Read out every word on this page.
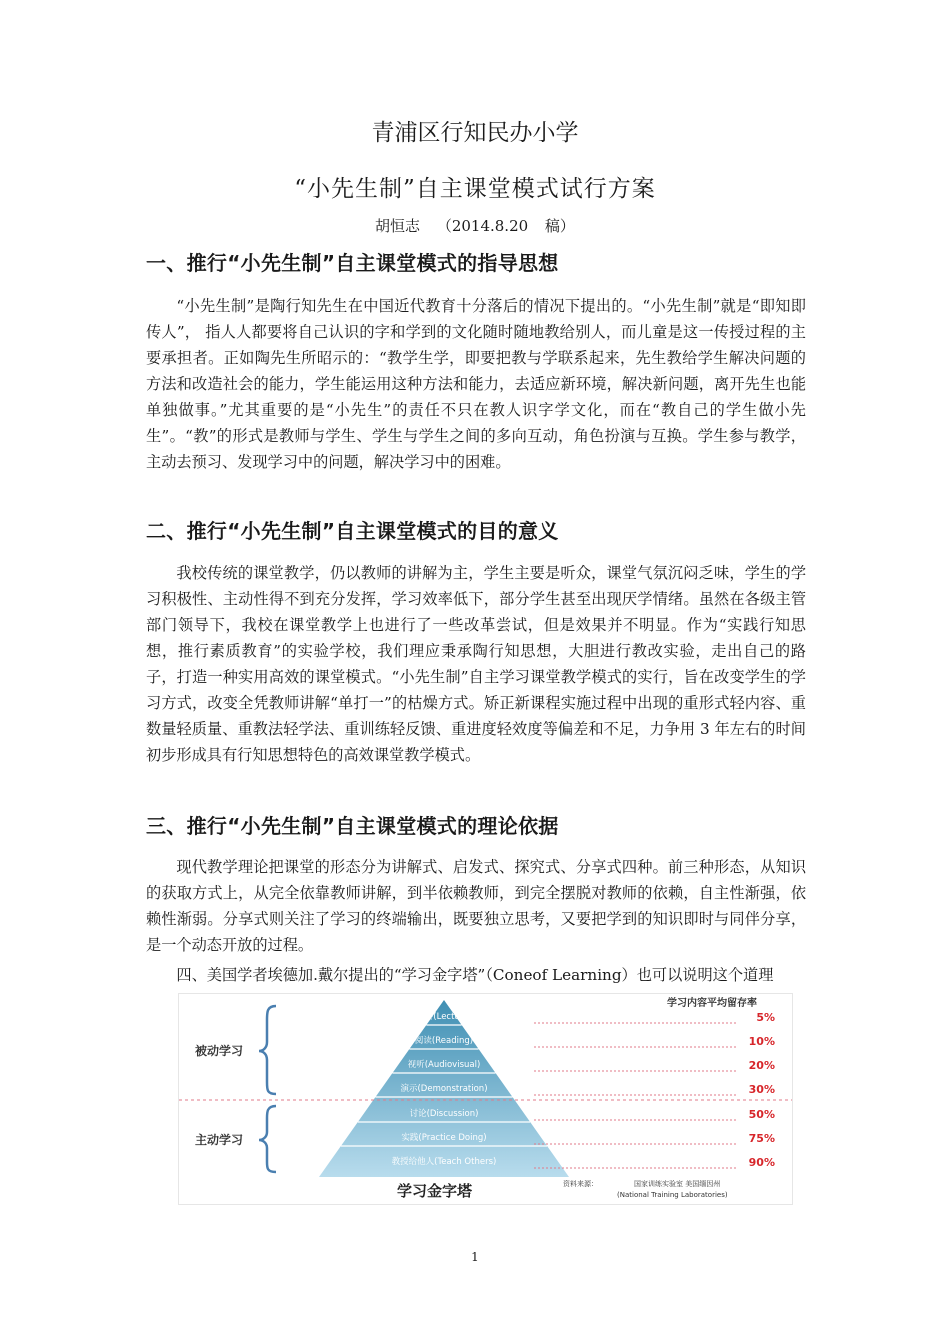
青浦区行知民办小学
“小先生制”自主课堂模式试行方案
胡恒志 （2014.8.20 稿）
一、推行“小先生制”自主课堂模式的指导思想

“小先生制”是陶行知先生在中国近代教育十分落后的情况下提出的。“小先生制”就是“即知即传人”， 指人人都要将自己认识的字和学到的文化随时随地教给别人，而儿童是这一传授过程的主要承担者。正如陶先生所昭示的：“教学生学，即要把教与学联系起来，先生教给学生解决问题的方法和改造社会的能力，学生能运用这种方法和能力，去适应新环境，解决新问题，离开先生也能单独做事。”尤其重要的是“小先生”的责任不只在教人识字学文化，而在“教自己的学生做小先生”。“教”的形式是教师与学生、学生与学生之间的多向互动，角色扮演与互换。学生参与教学，主动去预习、发现学习中的问题，解决学习中的困难。

二、推行“小先生制”自主课堂模式的目的意义

我校传统的课堂教学，仍以教师的讲解为主，学生主要是听众，课堂气氛沉闷乏味，学生的学习积极性、主动性得不到充分发挥，学习效率低下，部分学生甚至出现厌学情绪。虽然在各级主管部门领导下，我校在课堂教学上也进行了一些改革尝试，但是效果并不明显。作为“实践行知思想，推行素质教育”的实验学校，我们理应秉承陶行知思想，大胆进行教改实验，走出自己的路子，打造一种实用高效的课堂模式。“小先生制”自主学习课堂教学模式的实行，旨在改变学生的学习方式，改变全凭教师讲解“单打一”的枯燥方式。矫正新课程实施过程中出现的重形式轻内容、重数量轻质量、重教法轻学法、重训练轻反馈、重进度轻效度等偏差和不足，力争用 3 年左右的时间初步形成具有行知思想特色的高效课堂教学模式。

三、推行“小先生制”自主课堂模式的理论依据

现代教学理论把课堂的形态分为讲解式、启发式、探究式、分享式四种。前三种形态，从知识的获取方式上，从完全依靠教师讲解，到半依赖教师，到完全摆脱对教师的依赖，自主性渐强，依赖性渐弱。分享式则关注了学习的终端输出，既要独立思考，又要把学到的知识即时与同伴分享，是一个动态开放的过程。

四、美国学者埃德加.戴尔提出的“学习金字塔”（Coneof Learning）也可以说明这个道理

被动学习
主动学习
学习内容平均留存率
听讲(Lecture)
阅读(Reading)
视听(Audiovisual)
演示(Demonstration)
讨论(Discussion)
实践(Practice Doing)
教授给他人(Teach Others)
5%
10%
20%
30%
50%
75%
90%
学习金字塔	资料来源：	国家训练实验室 美国缅因州
(National Training Laboratories)
1
